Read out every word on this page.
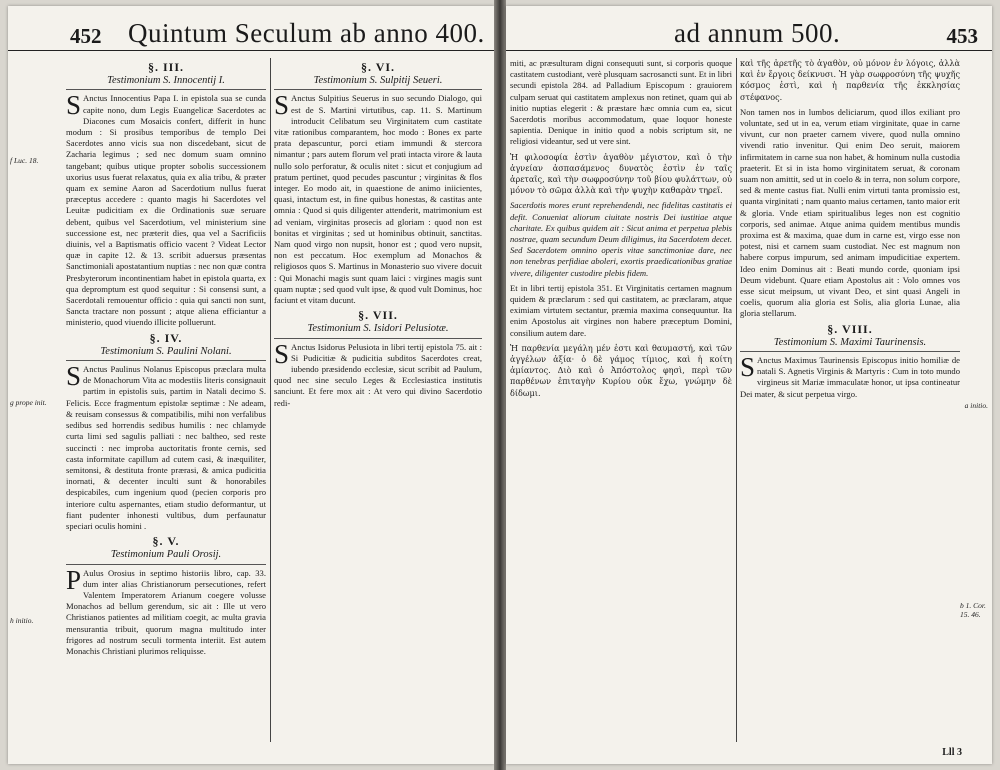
452 Quintum Seculum ab anno 400.
§. III.
Testimonium S. Innocentij I.

S Anctus Innocentius Papa I. in epistola sua se cunda capite nono, dum Legis Euangelicæ Sacerdotes ac Diacones cum Mosaicis confert, differit in hunc modum : Si prosibus temporibus de templo Dei Sacerdotes anno vicis sua non discedebant, sicut de Zacharia legimus ; sed nec domum suam omnino tangebant; quibus utique propter sobolis successionem uxorius usus fuerat relaxatus, quia ex alia tribu, & præter quam ex semine Aaron ad Sacerdotium nullus fuerat præceptus accedere : quanto magis hi Sacerdotes vel Leuitæ pudicitiam ex die Ordinationis suæ seruare debent, quibus vel Sacerdotium, vel ministerium sine successione est, nec præterit dies, qua vel a Sacrificiis diuinis, vel a Baptismatis officio vacent ? Videat Lector quæ in capite 12. & 13. scribit aduersus præsentas Sanctimoniali apostatantium nuptias : nec non quæ contra Presbyterorum incontinentiam habet in epistola quarta, ex qua depromptum est quod sequitur : Si consensi sunt, a Sacerdotali remouentur officio : quia qui sancti non sunt, Sancta tractare non possunt ; atque aliena efficiantur a ministerio, quod viuendo illicite polluerunt.

§. IV.
Testimonium S. Paulini Nolani.

S Anctus Paulinus Nolanus Episcopus præclara multa de Monachorum Vita ac modestiis literis consignauit partim in epistolis suis, partim in Natali decimo S. Felicis. Ecce fragmentum epistolæ septimæ : Ne adeam, & reuisam consessus & compatibilis, mihi non verfalibus sedibus sed horrendis sedibus humilis : nec chlamyde curta limi sed sagulis palliati : nec baltheo, sed reste succincti : nec improba auctoritatis fronte cernis, sed casta informitate capillum ad cutem casi, & inæquiliter, semitonsi, & destituta fronte prærasi, & amica pudicitia inornati, & decenter inculti sunt & honorabiles despicabiles, cum ingenium quod (pecien corporis pro interiore cultu aspernantes, etiam studio deformantur, ut fiant pudenter inhonesti vultibus, dum perfaunatur speciari oculis homini .

§. V.
Testimonium Pauli Orosij.

P Aulus Orosius in septimo historiis libro, cap. 33. dum inter alias Christianorum persecutiones, refert Valentem Imperatorem Arianum coegere volusse Monachos ad bellum gerendum, sic ait : Ille ut vero Christianos patientes ad militiam coegit, ac multa gravia mensurantia tribuit, quorum magna multitudo inter frigores ad nostrum seculi tormenta interiit. Est autem Monachis Christiani plurimos reliquisse.

§. VI.
Testimonium S. Sulpitij Seueri.

S Anctus Sulpitius Seuerus in suo secundo Dialogo, qui est de S. Martini virtutibus, cap. 11. S. Martinum introducit Celibatum seu Virginitatem cum castitate vitæ rationibus comparantem, hoc modo : Bones ex parte prata depascuntur, porci etiam immundi & stercora nimantur ; pars autem florum vel prati intacta virore & lauta nullo solo perforatur, & oculis nitet : sicut et conjugium ad pratum pertinet, quod pecudes pascuntur ; virginitas & flos integer. Eo modo ait, in quaestione de animo iniicientes, quasi, intactum est, in fine quibus honestas, & castitas ante omnia : Quod si quis diligenter attenderit, matrimonium est ad veniam, virginitas prosecis ad gloriam : quod non est bonitas et virginitas ; sed ut hominibus obtinuit, sanctitas. Nam quod virgo non nupsit, honor est ; quod vero nupsit, non est peccatum. Hoc exemplum ad Monachos & religiosos quos S. Martinus in Monasterio suo vivere docuit : Qui Monachi magis sunt quam laici : virgines magis sunt quam nuptæ ; sed quod vult ipse, & quod vult Dominus, hoc faciunt et vitam ducunt.

§. VII.
Testimonium S. Isidori Pelusiotæ.

S Anctus Isidorus Pelusiota in libri tertij epistola 75. ait : Si Pudicitiæ & pudicitia subditos Sacerdotes creat, iubendo præsidendo ecclesiæ, sicut scribit ad Paulum, quod nec sine seculo Leges & Ecclesiastica institutis sanciunt. Et fere mox ait : At vero qui divino Sacerdotio redi-

f Luc. 18.
g prope init.
h initio.
ad annum 500.	453

miti, ac præsulturam digni consequuti sunt, si corporis quoque castitatem custodiant, verè plusquam sacrosancti sunt. Et in libri secundi epistola 284. ad Palladium Episcopum : grauiorem culpam seruat qui castitatem amplexus non retinet, quam qui ab initio nuptias elegerit : & præstare hæc omnia cum ea, sicut Sacerdotis moribus accommodatum, quae loquor honeste sapientia. Denique in initio quod a nobis scriptum sit, ne religiosi videantur, sed ut vere sint.

Ἡ φιλοσοφία ἐστὶν ἀγαθὸν μέγιστον, καὶ ὁ τὴν ἀγνείαν ἀσπασάμενος δυνατὸς ἐστὶν ἐν ταῖς ἀρεταῖς, καὶ τὴν σωφροσύνην τοῦ βίου φυλάττων, οὐ μόνον τὸ σῶμα ἀλλὰ καὶ τὴν ψυχὴν καθαρὰν τηρεῖ.

Sacerdotis mores erunt reprehendendi, nec fidelitas castitatis ei defit. Conueniat aliorum ciuitate nostris Dei iustitiae atque charitate. Ex quibus quidem ait : Sicut anima et perpetua plebis nostrae, quam secundum Deum diligimus, ita Sacerdotem decet. Sed Sacerdotem omnino operis vitae sanctimoniae dare, nec non tenebras perfidiae aboleri, exortis praedicationibus gratiae vivere, diligenter custodire plebis fidem.

Et in libri tertij epistola 351. Et Virginitatis certamen magnum quidem & præclarum : sed qui castitatem, ac præclaram, atque eximiam virtutem sectantur, præmia maxima consequuntur. Ita enim Apostolus ait virgines non habere præceptum Domini, consilium autem dare.

Ἡ παρθενία μεγάλη μέν ἐστι καὶ θαυμαστή, καὶ τῶν ἀγγέλων ἀξία· ὁ δὲ γάμος τίμιος, καὶ ἡ κοίτη ἀμίαντος. Διὸ καὶ ὁ Ἀπόστολος φησὶ, περὶ τῶν παρθένων ἐπιταγὴν Κυρίου οὐκ ἔχω, γνώμην δὲ δίδωμι.

καὶ τῆς ἀρετῆς τὸ ἀγαθὸν, οὐ μόνον ἐν λόγοις, ἀλλὰ καὶ ἐν ἔργοις δείκνυσι. Ἡ γὰρ σωφροσύνη τῆς ψυχῆς κόσμος ἐστὶ, καὶ ἡ παρθενία τῆς ἐκκλησίας στέφανος.

Non tamen nos in lumbos deliciarum, quod illos exiliant pro voluntate, sed ut in ea, verum etiam virginitate, quae in carne vivunt, cur non praeter carnem vivere, quod nulla omnino vivendi ratio invenitur. Qui enim Deo seruit, maiorem infirmitatem in carne sua non habet, & hominum nulla custodia praeterit. Et si in ista homo virginitatem seruat, & coronam suam non amittit, sed ut in coelo & in terra, non solum corpore, sed & mente castus fiat. Nulli enim virtuti tanta promissio est, quanta virginitati ; nam quanto maius certamen, tanto maior erit & gloria. Vnde etiam spiritualibus leges non est cognitio corporis, sed animae. Atque anima quidem mentibus mundis proxima est & maxima, quae dum in carne est, virgo esse non potest, nisi et carnem suam custodiat. Nec est magnum non habere corpus impurum, sed animam impudicitiae expertem. Ideo enim Dominus ait : Beati mundo corde, quoniam ipsi Deum videbunt. Quare etiam Apostolus ait : Volo omnes vos esse sicut meipsum, ut vivant Deo, et sint quasi Angeli in coelis, quorum alia gloria est Solis, alia gloria Lunae, alia gloria stellarum.

§. VIII.
Testimonium S. Maximi Taurinensis.

S Anctus Maximus Taurinensis Episcopus initio homiliæ de natali S. Agnetis Virginis & Martyris : Cum in toto mundo virgineus sit Mariæ immaculatæ honor, ut ipsa contineatur Dei mater, & sicut perpetua virgo.

a initio.
b 1. Cor. 15. 46.
Lll 3
